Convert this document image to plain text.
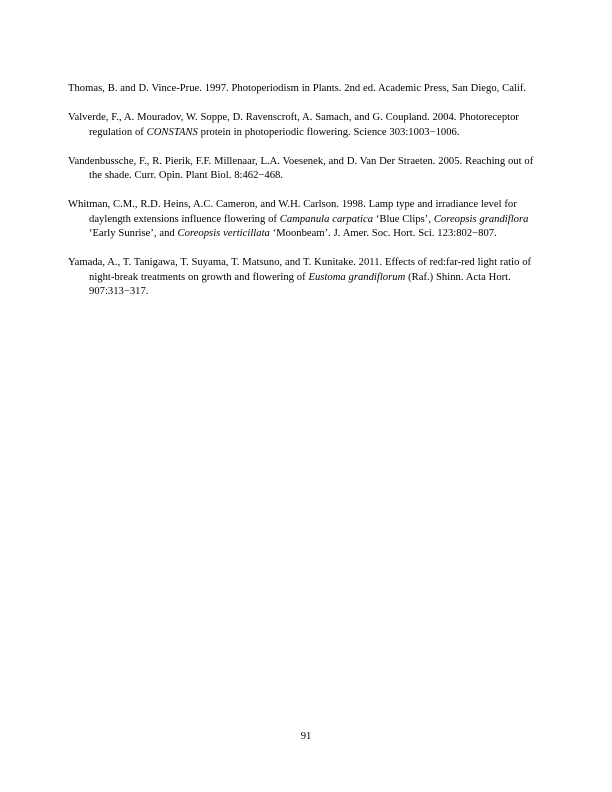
Thomas, B. and D. Vince-Prue. 1997. Photoperiodism in Plants. 2nd ed. Academic Press, San Diego, Calif.

Valverde, F., A. Mouradov, W. Soppe, D. Ravenscroft, A. Samach, and G. Coupland. 2004. Photoreceptor regulation of CONSTANS protein in photoperiodic flowering. Science 303:1003−1006.

Vandenbussche, F., R. Pierik, F.F. Millenaar, L.A. Voesenek, and D. Van Der Straeten. 2005. Reaching out of the shade. Curr. Opin. Plant Biol. 8:462−468.

Whitman, C.M., R.D. Heins, A.C. Cameron, and W.H. Carlson. 1998. Lamp type and irradiance level for daylength extensions influence flowering of Campanula carpatica ‘Blue Clips’, Coreopsis grandiflora ‘Early Sunrise’, and Coreopsis verticillata ‘Moonbeam’. J. Amer. Soc. Hort. Sci. 123:802−807.

Yamada, A., T. Tanigawa, T. Suyama, T. Matsuno, and T. Kunitake. 2011. Effects of red:far-red light ratio of night-break treatments on growth and flowering of Eustoma grandiflorum (Raf.) Shinn. Acta Hort. 907:313−317.

91
